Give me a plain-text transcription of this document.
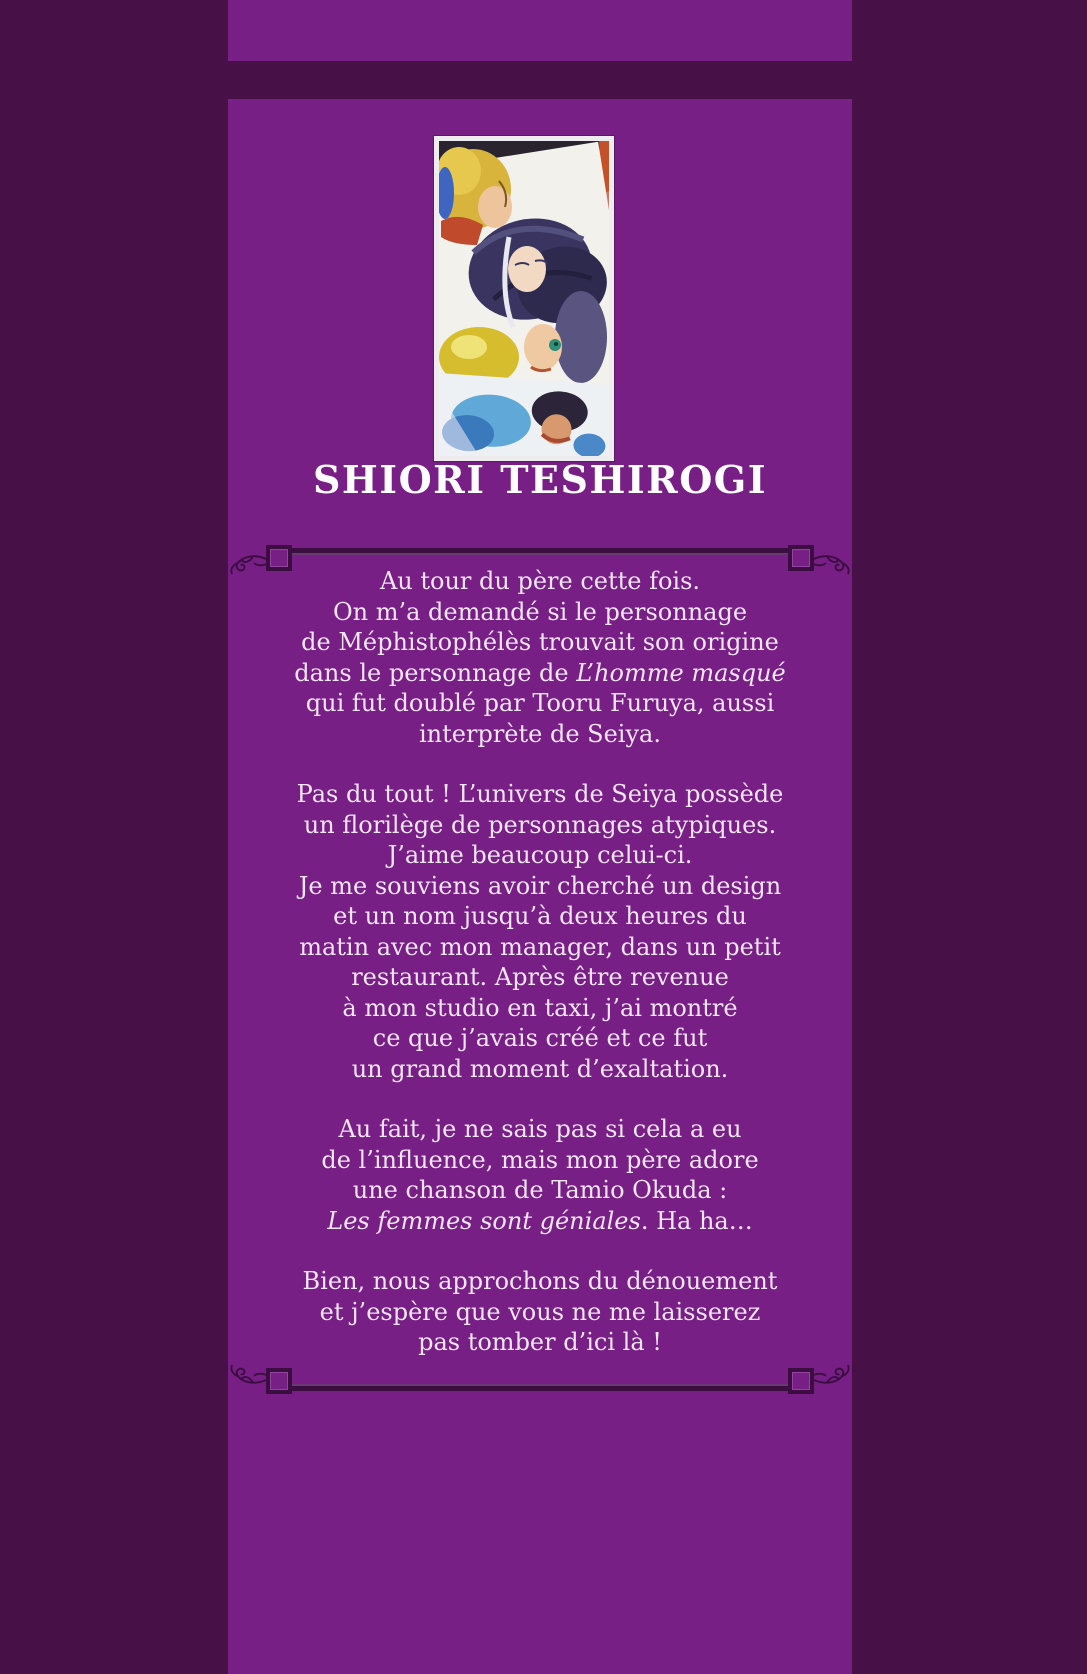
SHIORI TESHIROGI

Au tour du père cette fois.
On m’a demandé si le personnage
de Méphistophélès trouvait son origine
dans le personnage de L’homme masqué
qui fut doublé par Tooru Furuya, aussi
interprète de Seiya.

Pas du tout ! L’univers de Seiya possède
un florilège de personnages atypiques.
J’aime beaucoup celui-ci.
Je me souviens avoir cherché un design
et un nom jusqu’à deux heures du
matin avec mon manager, dans un petit
restaurant. Après être revenue
à mon studio en taxi, j’ai montré
ce que j’avais créé et ce fut
un grand moment d’exaltation.

Au fait, je ne sais pas si cela a eu
de l’influence, mais mon père adore
une chanson de Tamio Okuda :
Les femmes sont géniales. Ha ha…

Bien, nous approchons du dénouement
et j’espère que vous ne me laisserez
pas tomber d’ici là !
